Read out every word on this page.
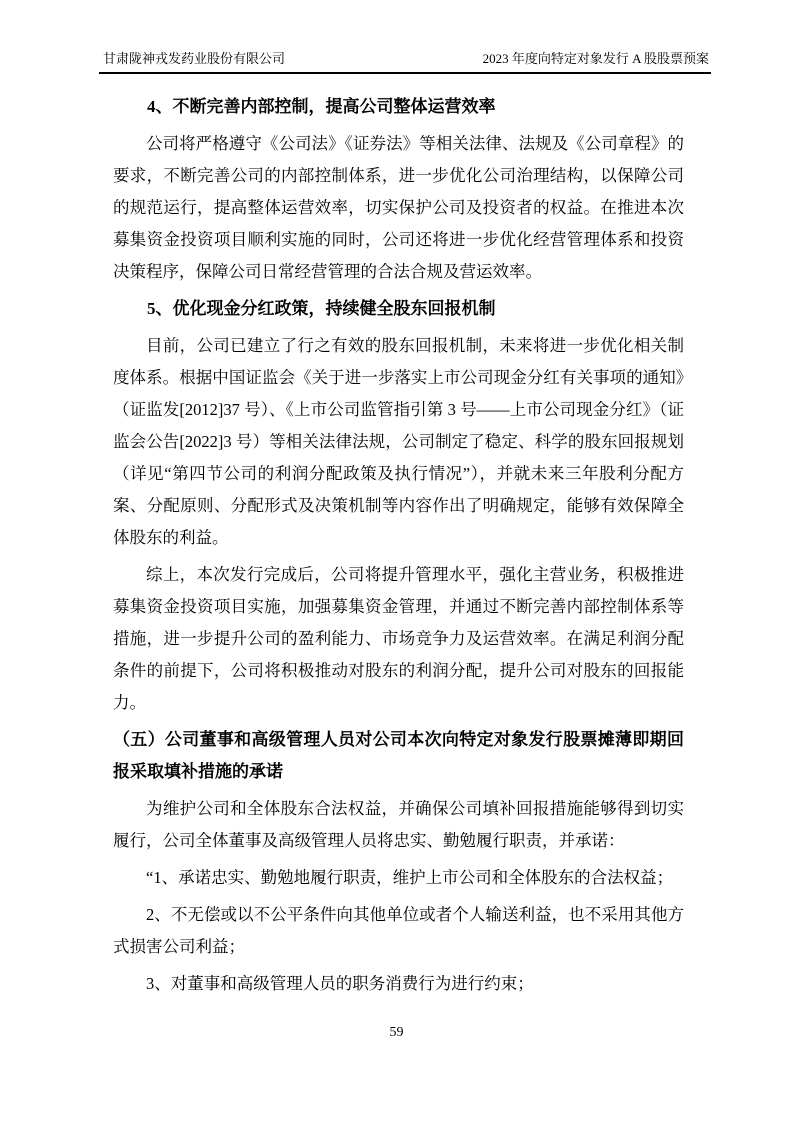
甘肃陇神戎发药业股份有限公司	2023 年度向特定对象发行 A 股股票预案
4、不断完善内部控制，提高公司整体运营效率

公司将严格遵守《公司法》《证券法》等相关法律、法规及《公司章程》的要求，不断完善公司的内部控制体系，进一步优化公司治理结构，以保障公司的规范运行，提高整体运营效率，切实保护公司及投资者的权益。在推进本次募集资金投资项目顺利实施的同时，公司还将进一步优化经营管理体系和投资决策程序，保障公司日常经营管理的合法合规及营运效率。

5、优化现金分红政策，持续健全股东回报机制

目前，公司已建立了行之有效的股东回报机制，未来将进一步优化相关制度体系。根据中国证监会《关于进一步落实上市公司现金分红有关事项的通知》（证监发[2012]37 号）、《上市公司监管指引第 3 号——上市公司现金分红》（证监会公告[2022]3 号）等相关法律法规，公司制定了稳定、科学的股东回报规划（详见“第四节公司的利润分配政策及执行情况”），并就未来三年股利分配方案、分配原则、分配形式及决策机制等内容作出了明确规定，能够有效保障全体股东的利益。

综上，本次发行完成后，公司将提升管理水平，强化主营业务，积极推进募集资金投资项目实施，加强募集资金管理，并通过不断完善内部控制体系等措施，进一步提升公司的盈利能力、市场竞争力及运营效率。在满足利润分配条件的前提下，公司将积极推动对股东的利润分配，提升公司对股东的回报能力。

（五）公司董事和高级管理人员对公司本次向特定对象发行股票摊薄即期回报采取填补措施的承诺

为维护公司和全体股东合法权益，并确保公司填补回报措施能够得到切实履行，公司全体董事及高级管理人员将忠实、勤勉履行职责，并承诺：

“1、承诺忠实、勤勉地履行职责，维护上市公司和全体股东的合法权益；

2、不无偿或以不公平条件向其他单位或者个人输送利益，也不采用其他方式损害公司利益；

3、对董事和高级管理人员的职务消费行为进行约束；

59
